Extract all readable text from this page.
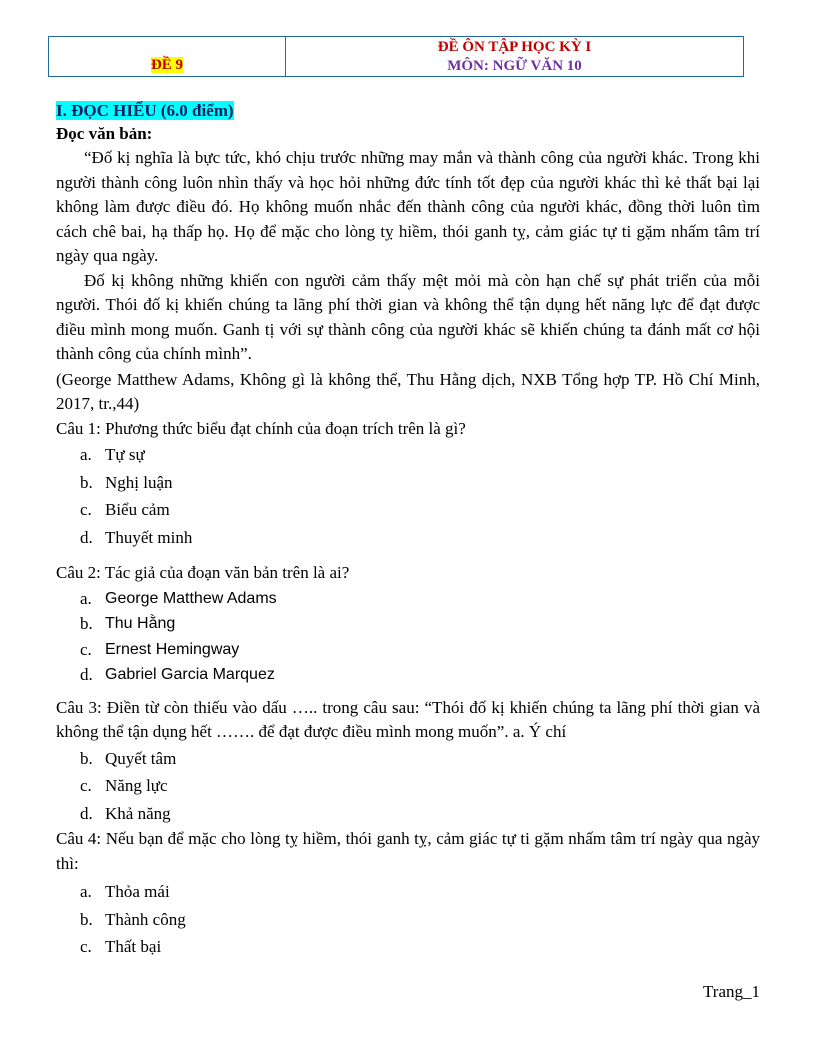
ĐỀ 9
ĐỀ ÔN TẬP HỌC KỲ I
MÔN: NGỮ VĂN 10
I. ĐỌC HIỂU (6.0 điểm)
Đọc văn bản:

“Đố kị nghĩa là bực tức, khó chịu trước những may mắn và thành công của người khác. Trong khi người thành công luôn nhìn thấy và học hỏi những đức tính tốt đẹp của người khác thì kẻ thất bại lại không làm được điều đó. Họ không muốn nhắc đến thành công của người khác, đồng thời luôn tìm cách chê bai, hạ thấp họ. Họ để mặc cho lòng tỵ hiềm, thói ganh tỵ, cảm giác tự ti gặm nhấm tâm trí ngày qua ngày.

Đố kị không những khiến con người cảm thấy mệt mỏi mà còn hạn chế sự phát triển của mỗi người. Thói đố kị khiến chúng ta lãng phí thời gian và không thể tận dụng hết năng lực để đạt được điều mình mong muốn. Ganh tị với sự thành công của người khác sẽ khiến chúng ta đánh mất cơ hội thành công của chính mình”.

(George Matthew Adams, Không gì là không thể, Thu Hằng dịch, NXB Tổng hợp TP. Hồ Chí Minh, 2017, tr.,44)

Câu 1: Phương thức biểu đạt chính của đoạn trích trên là gì?

a. Tự sự
b. Nghị luận
c. Biểu cảm
d. Thuyết minh

Câu 2: Tác giả của đoạn văn bản trên là ai?

a. George Matthew Adams
b. Thu Hằng
c. Ernest Hemingway
d. Gabriel Garcia Marquez

Câu 3: Điền từ còn thiếu vào dấu ….. trong câu sau: “Thói đố kị khiến chúng ta lãng phí thời gian và không thể tận dụng hết ……. để đạt được điều mình mong muốn”. a. Ý chí

b. Quyết tâm
c. Năng lực
d. Khả năng

Câu 4: Nếu bạn để mặc cho lòng tỵ hiềm, thói ganh tỵ, cảm giác tự ti gặm nhấm tâm trí ngày qua ngày thì:

a. Thỏa mái
b. Thành công
c. Thất bại
Trang_1
